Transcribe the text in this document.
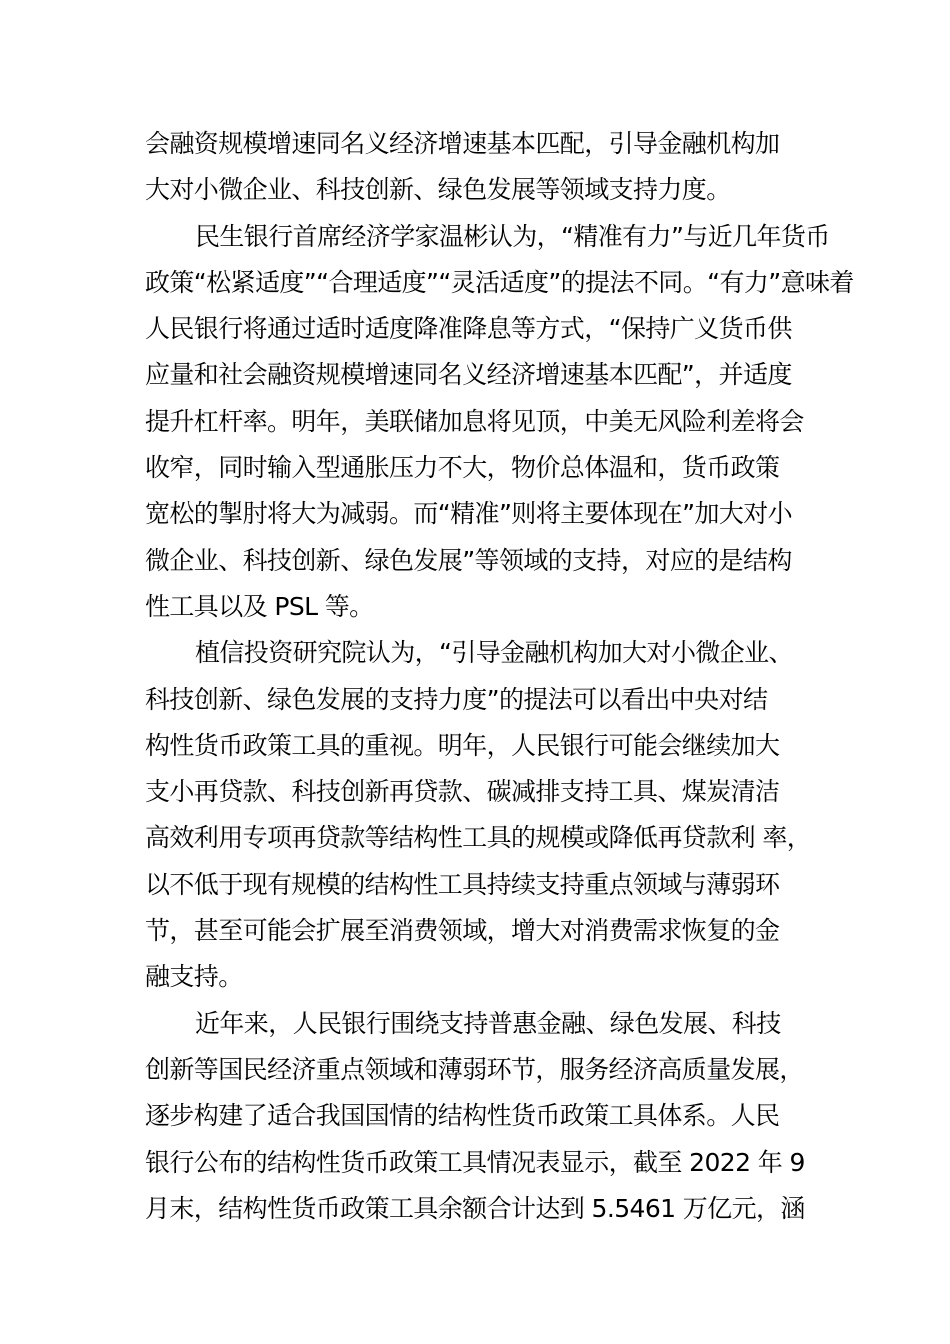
会融资规模增速同名义经济增速基本匹配，引导金融机构加
大对小微企业、科技创新、绿色发展等领域支持力度。
民生银行首席经济学家温彬认为，“精准有力”与近几年货币
政策“松紧适度”“合理适度”“灵活适度”的提法不同。“有力”意味着
人民银行将通过适时适度降准降息等方式，“保持广义货币供
应量和社会融资规模增速同名义经济增速基本匹配”，并适度
提升杠杆率。明年，美联储加息将见顶，中美无风险利差将会
收窄，同时输入型通胀压力不大，物价总体温和，货币政策
宽松的掣肘将大为减弱。而“精准”则将主要体现在”加大对小
微企业、科技创新、绿色发展”等领域的支持，对应的是结构
性工具以及 PSL 等。
植信投资研究院认为，“引导金融机构加大对小微企业、
科技创新、绿色发展的支持力度”的提法可以看出中央对结
构性货币政策工具的重视。明年，人民银行可能会继续加大
支小再贷款、科技创新再贷款、碳减排支持工具、煤炭清洁
高效利用专项再贷款等结构性工具的规模或降低再贷款利 率，
以不低于现有规模的结构性工具持续支持重点领域与薄弱环
节，甚至可能会扩展至消费领域，增大对消费需求恢复的金
融支持。
近年来，人民银行围绕支持普惠金融、绿色发展、科技
创新等国民经济重点领域和薄弱环节，服务经济高质量发展，
逐步构建了适合我国国情的结构性货币政策工具体系。人民
银行公布的结构性货币政策工具情况表显示，截至 2022 年 9
月末，结构性货币政策工具余额合计达到 5.5461 万亿元，涵
